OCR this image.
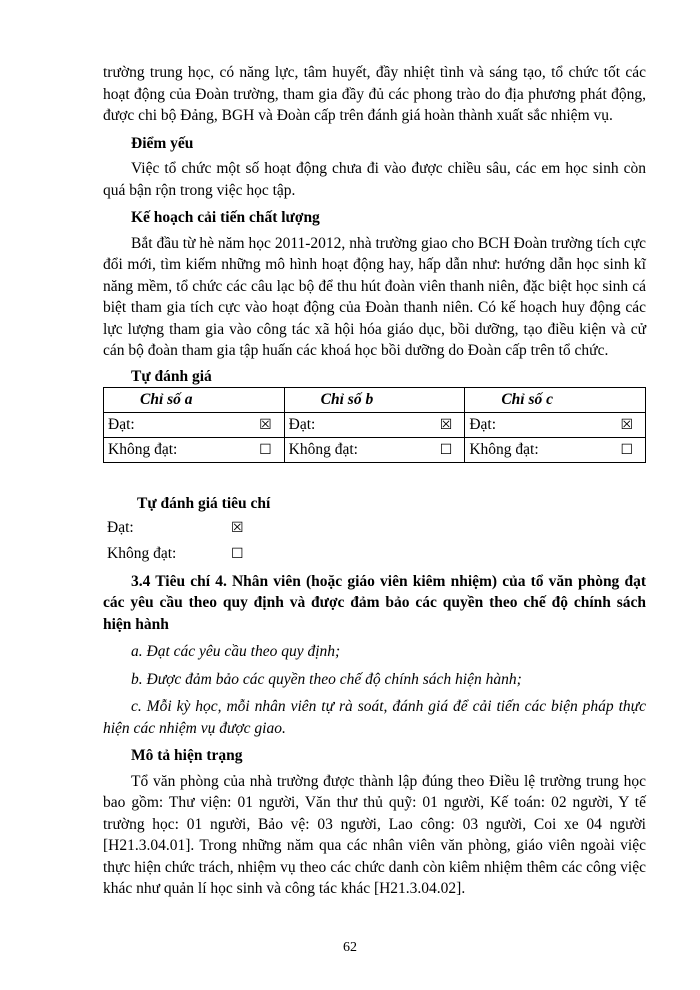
trường trung học, có năng lực, tâm huyết, đầy nhiệt tình và sáng tạo, tổ chức tốt các hoạt động của Đoàn trường, tham gia đầy đủ các phong trào do địa phương phát động, được chi bộ Đảng, BGH và Đoàn cấp trên đánh giá hoàn thành xuất sắc nhiệm vụ.

Điểm yếu

Việc tổ chức một số hoạt động chưa đi vào được chiều sâu, các em học sinh còn quá bận rộn trong việc học tập.

Kế hoạch cải tiến chất lượng

Bắt đầu từ hè năm học 2011-2012, nhà trường giao cho BCH Đoàn trường tích cực đổi mới, tìm kiếm những mô hình hoạt động hay, hấp dẫn như: hướng dẫn học sinh kĩ năng mềm, tổ chức các câu lạc bộ để thu hút đoàn viên thanh niên, đặc biệt học sinh cá biệt tham gia tích cực vào hoạt động của Đoàn thanh niên. Có kế hoạch huy động các lực lượng tham gia vào công tác xã hội hóa giáo dục, bồi dưỡng, tạo điều kiện và cử cán bộ đoàn tham gia tập huấn các khoá học bồi dưỡng do Đoàn cấp trên tổ chức.

Tự đánh giá

Chỉ số a	Chỉ số b	Chỉ số c

Đạt: ☒	Đạt: ☒	Đạt: ☒

Không đạt: ☐	Không đạt: ☐	Không đạt: ☐

Tự đánh giá tiêu chí

Đạt:	☒
Không đạt:	☐

3.4 Tiêu chí 4. Nhân viên (hoặc giáo viên kiêm nhiệm) của tổ văn phòng đạt các yêu cầu theo quy định và được đảm bảo các quyền theo chế độ chính sách hiện hành

a. Đạt các yêu cầu theo quy định;

b. Được đảm bảo các quyền theo chế độ chính sách hiện hành;

c. Mỗi kỳ học, mỗi nhân viên tự rà soát, đánh giá để cải tiến các biện pháp thực hiện các nhiệm vụ được giao.

Mô tả hiện trạng

Tổ văn phòng của nhà trường được thành lập đúng theo Điều lệ trường trung học bao gồm: Thư viện: 01 người, Văn thư thủ quỹ: 01 người, Kế toán: 02 người, Y tế trường học: 01 người, Bảo vệ: 03 người, Lao công: 03 người, Coi xe 04 người [H21.3.04.01]. Trong những năm qua các nhân viên văn phòng, giáo viên ngoài việc thực hiện chức trách, nhiệm vụ theo các chức danh còn kiêm nhiệm thêm các công việc khác như quản lí học sinh và công tác khác [H21.3.04.02].

62
